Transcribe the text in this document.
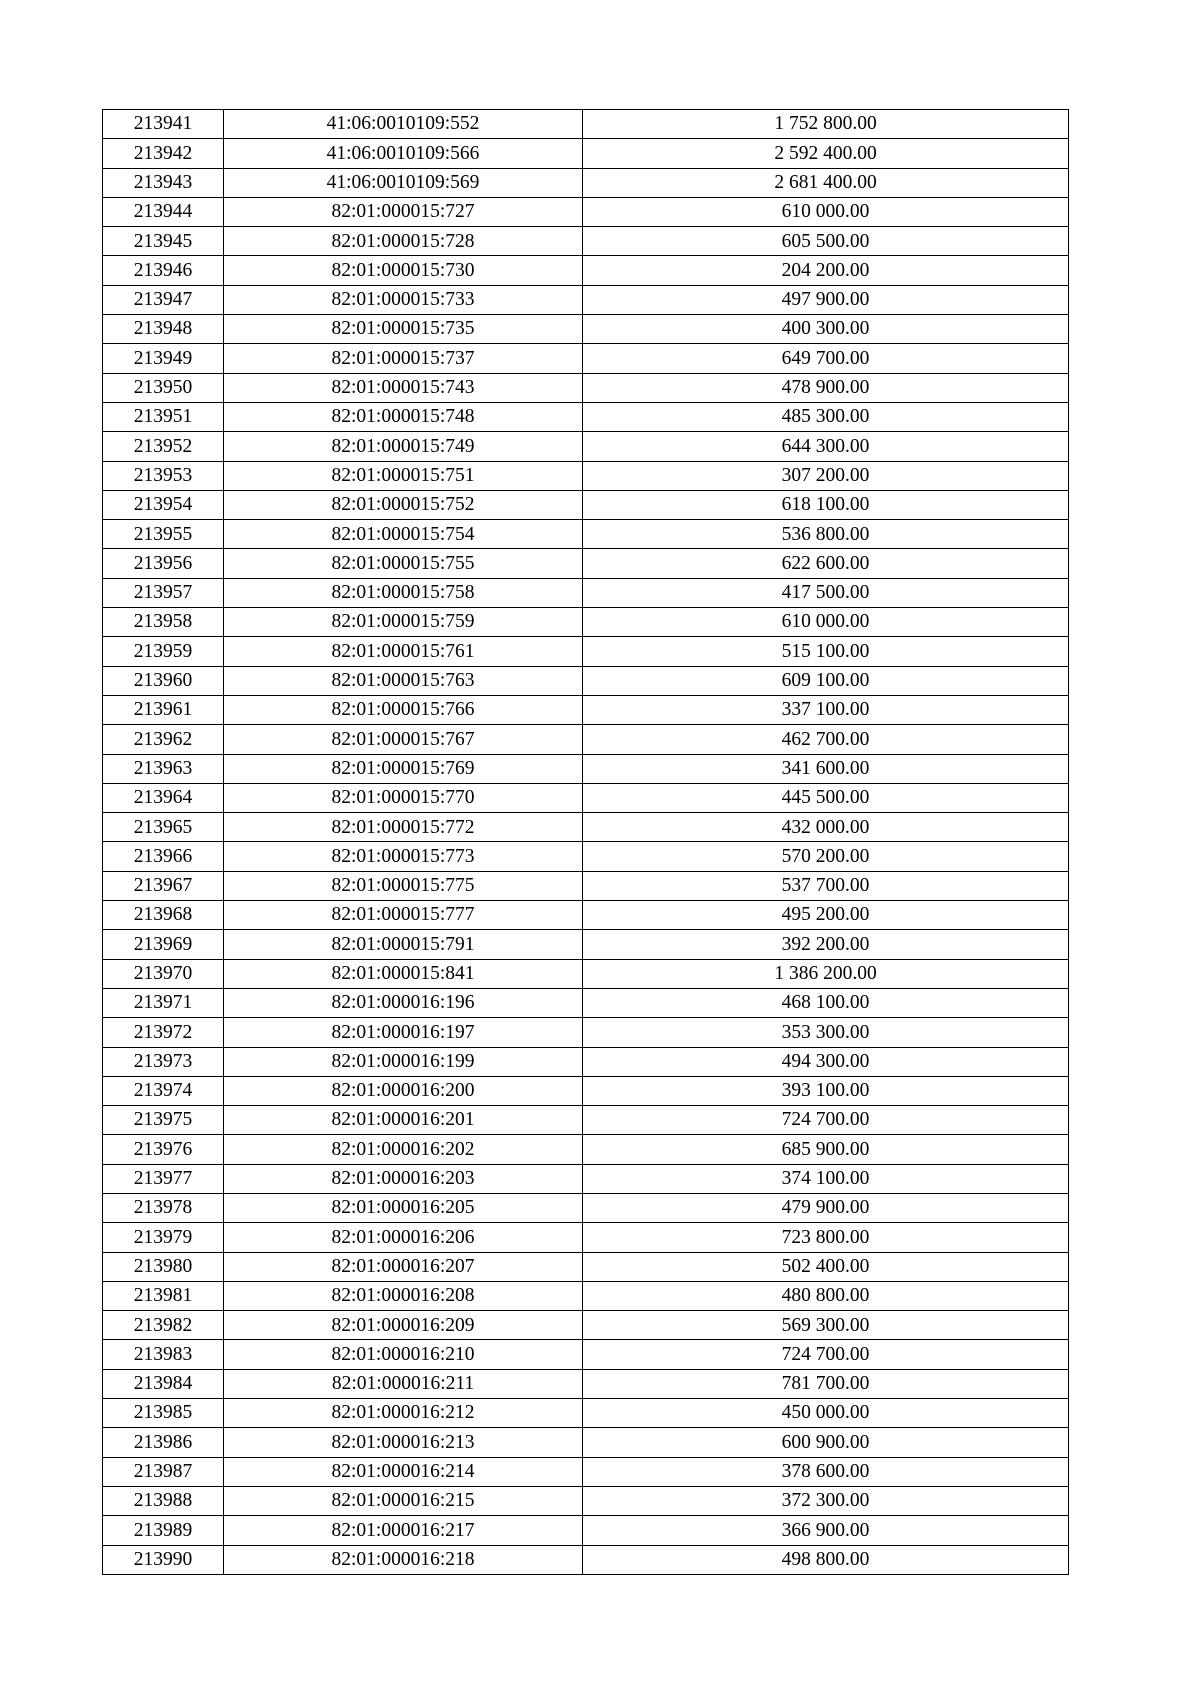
213941	41:06:0010109:552	1 752 800.00
213942	41:06:0010109:566	2 592 400.00
213943	41:06:0010109:569	2 681 400.00
213944	82:01:000015:727	610 000.00
213945	82:01:000015:728	605 500.00
213946	82:01:000015:730	204 200.00
213947	82:01:000015:733	497 900.00
213948	82:01:000015:735	400 300.00
213949	82:01:000015:737	649 700.00
213950	82:01:000015:743	478 900.00
213951	82:01:000015:748	485 300.00
213952	82:01:000015:749	644 300.00
213953	82:01:000015:751	307 200.00
213954	82:01:000015:752	618 100.00
213955	82:01:000015:754	536 800.00
213956	82:01:000015:755	622 600.00
213957	82:01:000015:758	417 500.00
213958	82:01:000015:759	610 000.00
213959	82:01:000015:761	515 100.00
213960	82:01:000015:763	609 100.00
213961	82:01:000015:766	337 100.00
213962	82:01:000015:767	462 700.00
213963	82:01:000015:769	341 600.00
213964	82:01:000015:770	445 500.00
213965	82:01:000015:772	432 000.00
213966	82:01:000015:773	570 200.00
213967	82:01:000015:775	537 700.00
213968	82:01:000015:777	495 200.00
213969	82:01:000015:791	392 200.00
213970	82:01:000015:841	1 386 200.00
213971	82:01:000016:196	468 100.00
213972	82:01:000016:197	353 300.00
213973	82:01:000016:199	494 300.00
213974	82:01:000016:200	393 100.00
213975	82:01:000016:201	724 700.00
213976	82:01:000016:202	685 900.00
213977	82:01:000016:203	374 100.00
213978	82:01:000016:205	479 900.00
213979	82:01:000016:206	723 800.00
213980	82:01:000016:207	502 400.00
213981	82:01:000016:208	480 800.00
213982	82:01:000016:209	569 300.00
213983	82:01:000016:210	724 700.00
213984	82:01:000016:211	781 700.00
213985	82:01:000016:212	450 000.00
213986	82:01:000016:213	600 900.00
213987	82:01:000016:214	378 600.00
213988	82:01:000016:215	372 300.00
213989	82:01:000016:217	366 900.00
213990	82:01:000016:218	498 800.00
